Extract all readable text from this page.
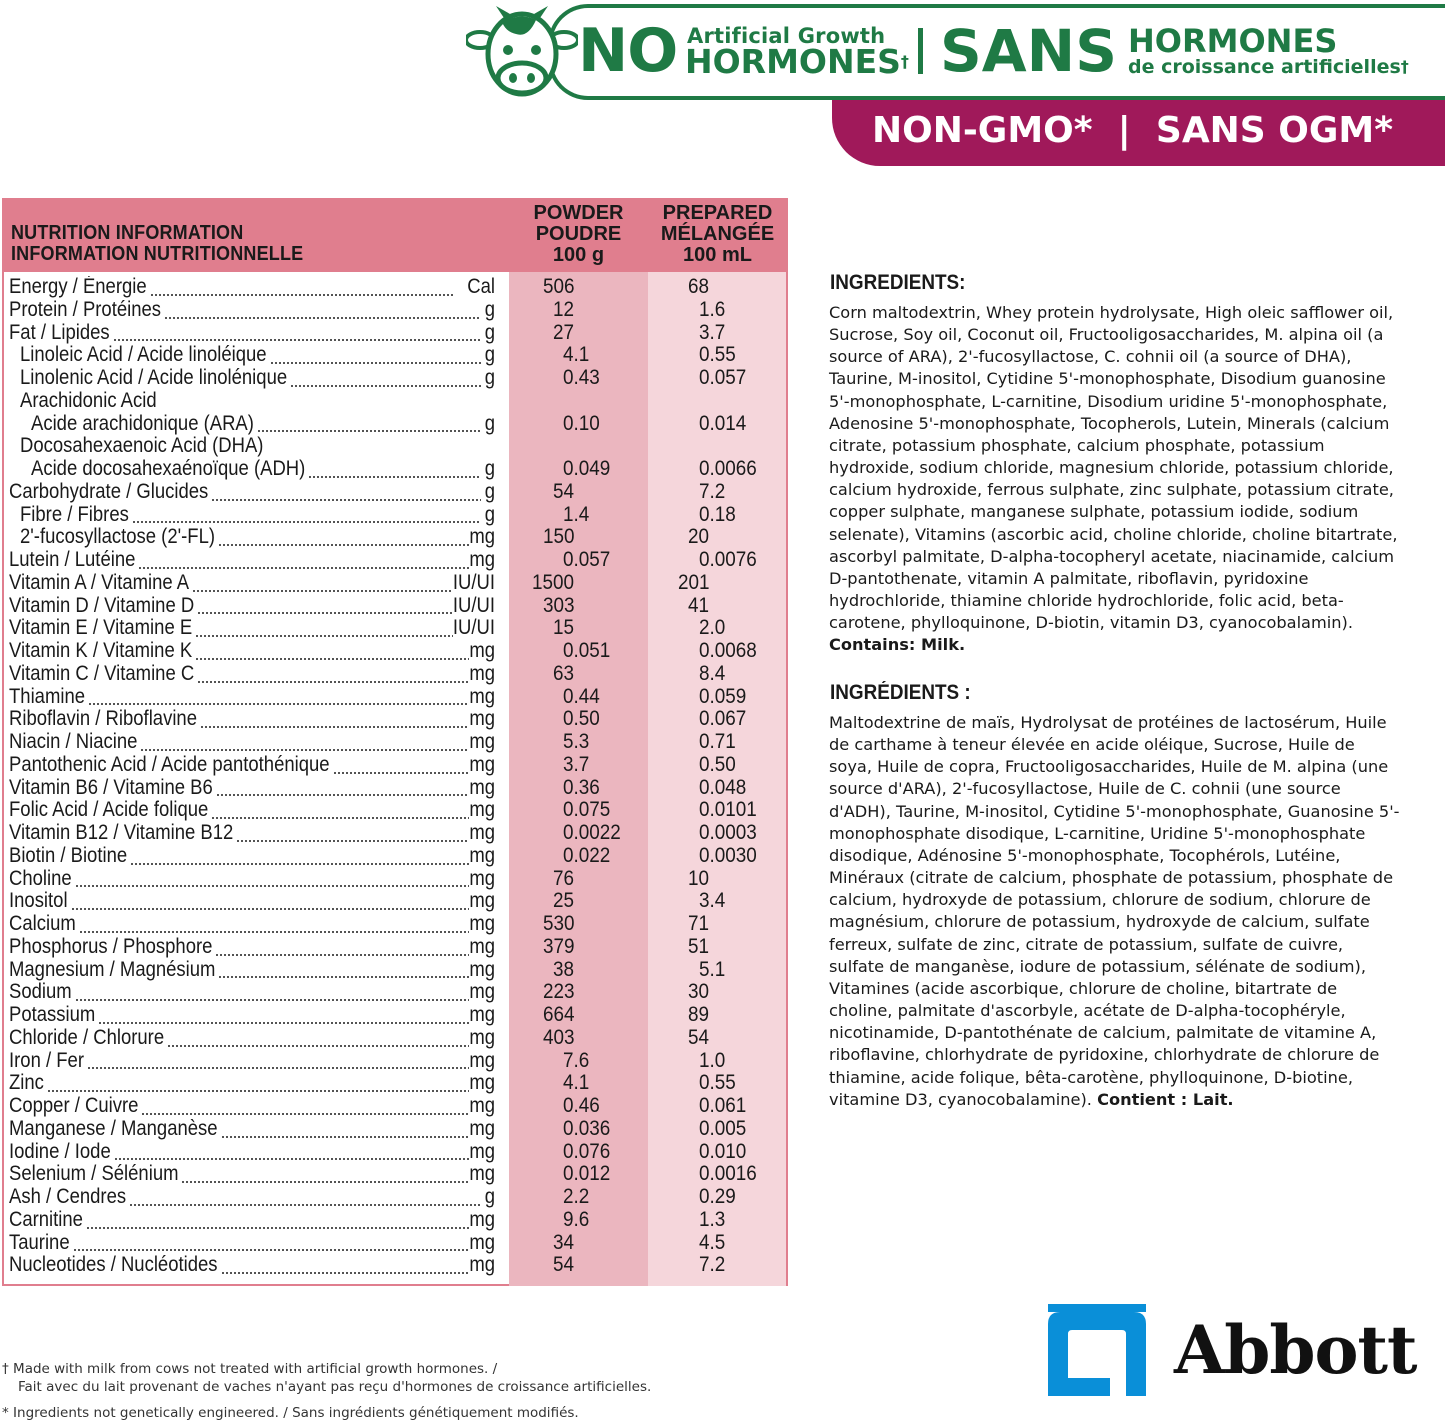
NO Artificial Growth
HORMONES† SANS HORMONES
de croissance artificielles†
NON-GMO*  |  SANS OGM*
NUTRITION INFORMATION
INFORMATION NUTRITIONNELLE
POWDER
POUDRE
100 g
PREPARED
MÉLANGÉE
100 mL
Energy / Énergie	Cal 506	68
Protein / Protéines	g	12	1.6
Fat / Lipides	g	27	3.7
Linoleic Acid / Acide linoléique	g	4.1	0.55
Linolenic Acid / Acide linolénique	g	0.43	0.057
Arachidonic Acid
Acide arachidonique (ARA)	g	0.10	0.014
Docosahexaenoic Acid (DHA)
Acide docosahexaénoïque (ADH)	g	0.049	0.0066
Carbohydrate / Glucides	g	54	7.2
Fibre / Fibres	g	1.4	0.18
2'-fucosyllactose (2'-FL)	mg 150	20
Lutein / Lutéine	mg	0.057	0.0076
Vitamin A / Vitamine A	IU/UI 1500	201
Vitamin D / Vitamine D	IU/UI 303	41
Vitamin E / Vitamine E	IU/UI	15	2.0
Vitamin K / Vitamine K	mg	0.051	0.0068
Vitamin C / Vitamine C	mg	63	8.4
Thiamine	mg	0.44	0.059
Riboflavin / Riboflavine	mg	0.50	0.067
Niacin / Niacine	mg	5.3	0.71
Pantothenic Acid / Acide pantothénique	mg	3.7	0.50
Vitamin B6 / Vitamine B6	mg	0.36	0.048
Folic Acid / Acide folique	mg	0.075	0.0101
Vitamin B12 / Vitamine B12	mg	0.0022	0.0003
Biotin / Biotine	mg	0.022	0.0030
Choline	mg	76	10
Inositol	mg	25	3.4
Calcium	mg 530	71
Phosphorus / Phosphore	mg 379	51
Magnesium / Magnésium	mg	38	5.1
Sodium	mg 223	30
Potassium	mg 664	89
Chloride / Chlorure	mg 403	54
Iron / Fer	mg	7.6	1.0
Zinc	mg	4.1	0.55
Copper / Cuivre	mg	0.46	0.061
Manganese / Manganèse	mg	0.036	0.005
Iodine / Iode	mg	0.076	0.010
Selenium / Sélénium	mg	0.012	0.0016
Ash / Cendres	g	2.2	0.29
Carnitine	mg	9.6	1.3
Taurine	mg	34	4.5
Nucleotides / Nucléotides	mg	54	7.2
INGREDIENTS:
Corn maltodextrin, Whey protein hydrolysate, High oleic safflower oil, Sucrose, Soy oil, Coconut oil, Fructooligosaccharides, M. alpina oil (a source of ARA), 2'-fucosyllactose, C. cohnii oil (a source of DHA), Taurine, M-inositol, Cytidine 5'-monophosphate, Disodium guanosine 5'-monophosphate, L-carnitine, Disodium uridine 5'-monophosphate, Adenosine 5'-monophosphate, Tocopherols, Lutein, Minerals (calcium citrate, potassium phosphate, calcium phosphate, potassium hydroxide, sodium chloride, magnesium chloride, potassium chloride, calcium hydroxide, ferrous sulphate, zinc sulphate, potassium citrate, copper sulphate, manganese sulphate, potassium iodide, sodium selenate), Vitamins (ascorbic acid, choline chloride, choline bitartrate, ascorbyl palmitate, D-alpha-tocopheryl acetate, niacinamide, calcium D-pantothenate, vitamin A palmitate, riboflavin, pyridoxine hydrochloride, thiamine chloride hydrochloride, folic acid, beta-carotene, phylloquinone, D-biotin, vitamin D3, cyanocobalamin). Contains: Milk.
INGRÉDIENTS :
Maltodextrine de maïs, Hydrolysat de protéines de lactosérum, Huile de carthame à teneur élevée en acide oléique, Sucrose, Huile de soya, Huile de copra, Fructooligosaccharides, Huile de M. alpina (une source d'ARA), 2'-fucosyllactose, Huile de C. cohnii (une source d'ADH), Taurine, M-inositol, Cytidine 5'-monophosphate, Guanosine 5'-monophosphate disodique, L-carnitine, Uridine 5'-monophosphate disodique, Adénosine 5'-monophosphate, Tocophérols, Lutéine, Minéraux (citrate de calcium, phosphate de potassium, phosphate de calcium, hydroxyde de potassium, chlorure de sodium, chlorure de magnésium, chlorure de potassium, hydroxyde de calcium, sulfate ferreux, sulfate de zinc, citrate de potassium, sulfate de cuivre, sulfate de manganèse, iodure de potassium, sélénate de sodium), Vitamines (acide ascorbique, chlorure de choline, bitartrate de choline, palmitate d'ascorbyle, acétate de D-alpha-tocophéryle, nicotinamide, D-pantothénate de calcium, palmitate de vitamine A, riboflavine, chlorhydrate de pyridoxine, chlorhydrate de chlorure de thiamine, acide folique, bêta-carotène, phylloquinone, D-biotine, vitamine D3, cyanocobalamine). Contient : Lait.
Abbott
† Made with milk from cows not treated with artificial growth hormones. /
Fait avec du lait provenant de vaches n'ayant pas reçu d'hormones de croissance artificielles.
* Ingredients not genetically engineered. / Sans ingrédients génétiquement modifiés.
